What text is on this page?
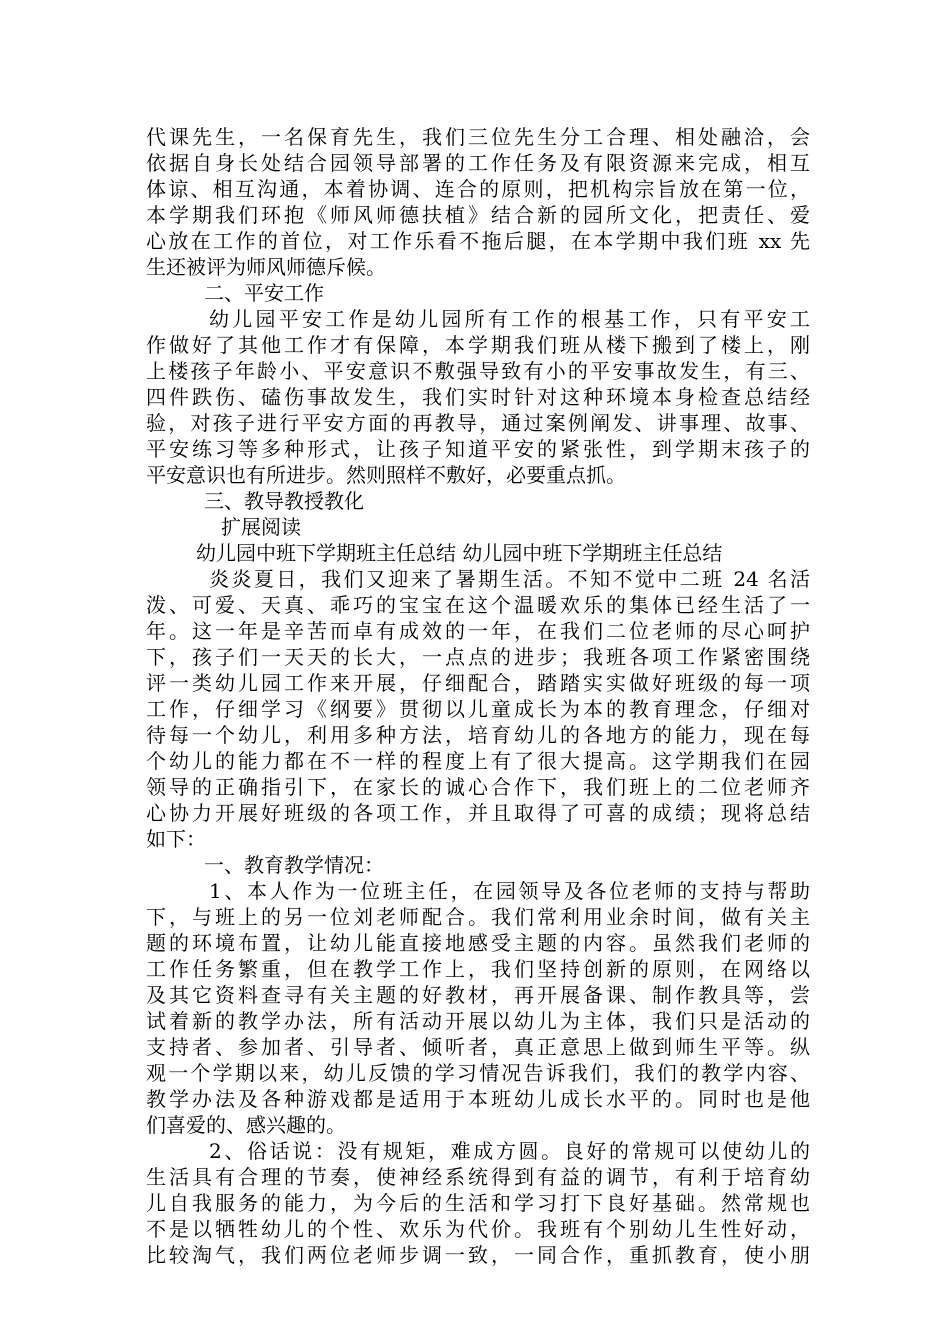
代课先生，一名保育先生，我们三位先生分工合理、相处融洽，会
依据自身长处结合园领导部署的工作任务及有限资源来完成，相互
体谅、相互沟通，本着协调、连合的原则，把机构宗旨放在第一位，
本学期我们环抱《师风师德扶植》结合新的园所文化，把责任、爱
心放在工作的首位，对工作乐看不拖后腿，在本学期中我们班 xx 先
生还被评为师风师德斥候。
二、平安工作
幼儿园平安工作是幼儿园所有工作的根基工作，只有平安工
作做好了其他工作才有保障，本学期我们班从楼下搬到了楼上，刚
上楼孩子年龄小、平安意识不敷强导致有小的平安事故发生，有三、
四件跌伤、磕伤事故发生，我们实时针对这种环境本身检查总结经
验，对孩子进行平安方面的再教导，通过案例阐发、讲事理、故事、
平安练习等多种形式，让孩子知道平安的紧张性，到学期末孩子的
平安意识也有所进步。然则照样不敷好，必要重点抓。
三、教导教授教化
扩展阅读
幼儿园中班下学期班主任总结 幼儿园中班下学期班主任总结
炎炎夏日，我们又迎来了暑期生活。不知不觉中二班 24 名活
泼、可爱、天真、乖巧的宝宝在这个温暖欢乐的集体已经生活了一
年。这一年是辛苦而卓有成效的一年，在我们二位老师的尽心呵护
下，孩子们一天天的长大，一点点的进步；我班各项工作紧密围绕
评一类幼儿园工作来开展，仔细配合，踏踏实实做好班级的每一项
工作，仔细学习《纲要》贯彻以儿童成长为本的教育理念，仔细对
待每一个幼儿，利用多种方法，培育幼儿的各地方的能力，现在每
个幼儿的能力都在不一样的程度上有了很大提高。这学期我们在园
领导的正确指引下，在家长的诚心合作下，我们班上的二位老师齐
心协力开展好班级的各项工作，并且取得了可喜的成绩；现将总结
如下：
一、教育教学情况：
1、本人作为一位班主任，在园领导及各位老师的支持与帮助
下，与班上的另一位刘老师配合。我们常利用业余时间，做有关主
题的环境布置，让幼儿能直接地感受主题的内容。虽然我们老师的
工作任务繁重，但在教学工作上，我们坚持创新的原则，在网络以
及其它资料查寻有关主题的好教材，再开展备课、制作教具等，尝
试着新的教学办法，所有活动开展以幼儿为主体，我们只是活动的
支持者、参加者、引导者、倾听者，真正意思上做到师生平等。纵
观一个学期以来，幼儿反馈的学习情况告诉我们，我们的教学内容、
教学办法及各种游戏都是适用于本班幼儿成长水平的。同时也是他
们喜爱的、感兴趣的。
2、俗话说：没有规矩，难成方圆。良好的常规可以使幼儿的
生活具有合理的节奏，使神经系统得到有益的调节，有利于培育幼
儿自我服务的能力，为今后的生活和学习打下良好基础。然常规也
不是以牺牲幼儿的个性、欢乐为代价。我班有个别幼儿生性好动，
比较淘气，我们两位老师步调一致，一同合作，重抓教育，使小朋
